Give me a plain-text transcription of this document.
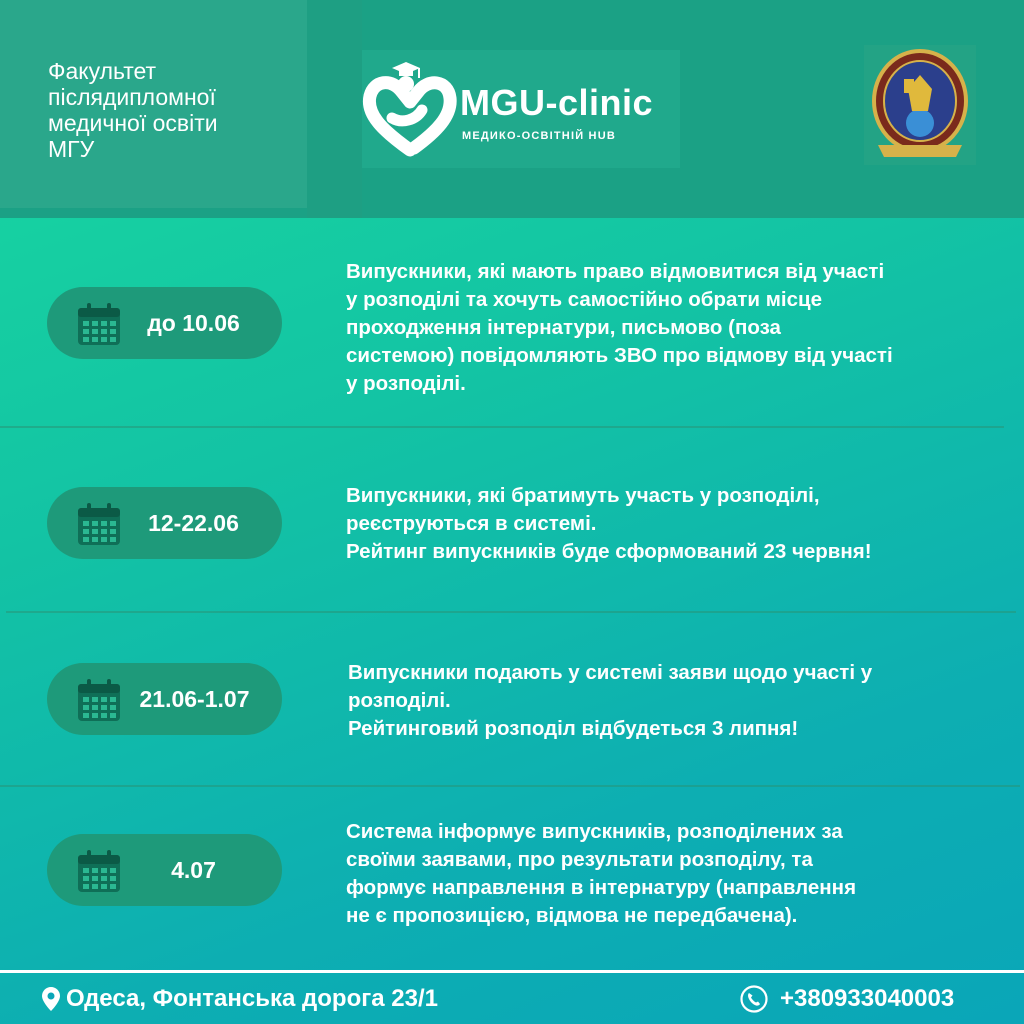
Факультет
післядипломної
медичної освіти
МГУ
MGU-clinic
МЕДИКО-ОСВІТНІЙ HUB
до 10.06
Випускники, які мають право відмовитися від участі
у розподілі та хочуть самостійно обрати місце
проходження інтернатури, письмово (поза
системою) повідомляють ЗВО про відмову від участі
у розподілі.
12-22.06
Випускники, які братимуть участь у розподілі,
реєструються в системі.
Рейтинг випускників буде сформований 23 червня!
21.06-1.07
Випускники подають у системі заяви щодо участі у
розподілі.
Рейтинговий розподіл відбудеться 3 липня!
4.07
Система інформує випускників, розподілених за
своїми заявами, про результати розподілу, та
формує направлення в інтернатуру (направлення
не є пропозицією, відмова не передбачена).
Одеса, Фонтанська дорога 23/1	+380933040003
